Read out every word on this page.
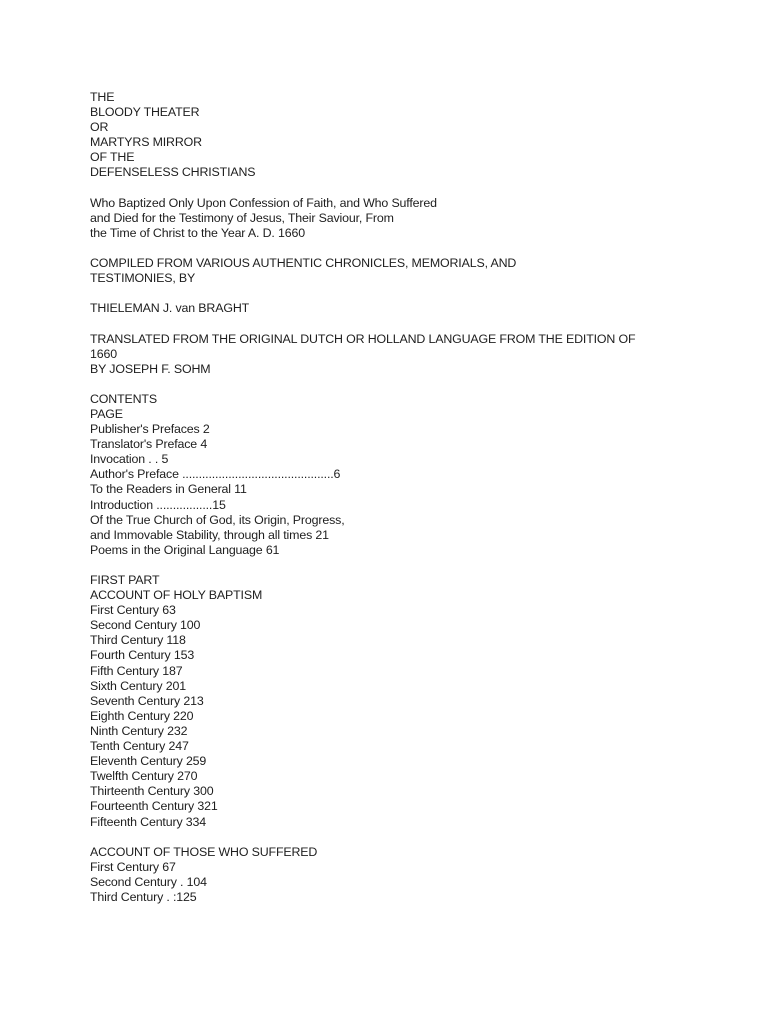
THE
BLOODY THEATER
OR
MARTYRS MIRROR
OF THE
DEFENSELESS CHRISTIANS
Who Baptized Only Upon Confession of Faith, and Who Suffered
and Died for the Testimony of Jesus, Their Saviour, From
the Time of Christ to the Year A. D. 1660
COMPILED FROM VARIOUS AUTHENTIC CHRONICLES, MEMORIALS, AND
TESTIMONIES, BY
THIELEMAN J. van BRAGHT
TRANSLATED FROM THE ORIGINAL DUTCH OR HOLLAND LANGUAGE FROM THE EDITION OF
1660
BY JOSEPH F. SOHM
CONTENTS
PAGE
Publisher's Prefaces 2
Translator's Preface 4
Invocation . . 5
Author's Preface ..............................................6
To the Readers in General 11
Introduction .................15
Of the True Church of God, its Origin, Progress,
and Immovable Stability, through all times 21
Poems in the Original Language 61
FIRST PART
ACCOUNT OF HOLY BAPTISM
First Century 63
Second Century 100
Third Century 118
Fourth Century 153
Fifth Century 187
Sixth Century 201
Seventh Century 213
Eighth Century 220
Ninth Century 232
Tenth Century 247
Eleventh Century 259
Twelfth Century 270
Thirteenth Century 300
Fourteenth Century 321
Fifteenth Century 334
ACCOUNT OF THOSE WHO SUFFERED
First Century 67
Second Century . 104
Third Century . :125
